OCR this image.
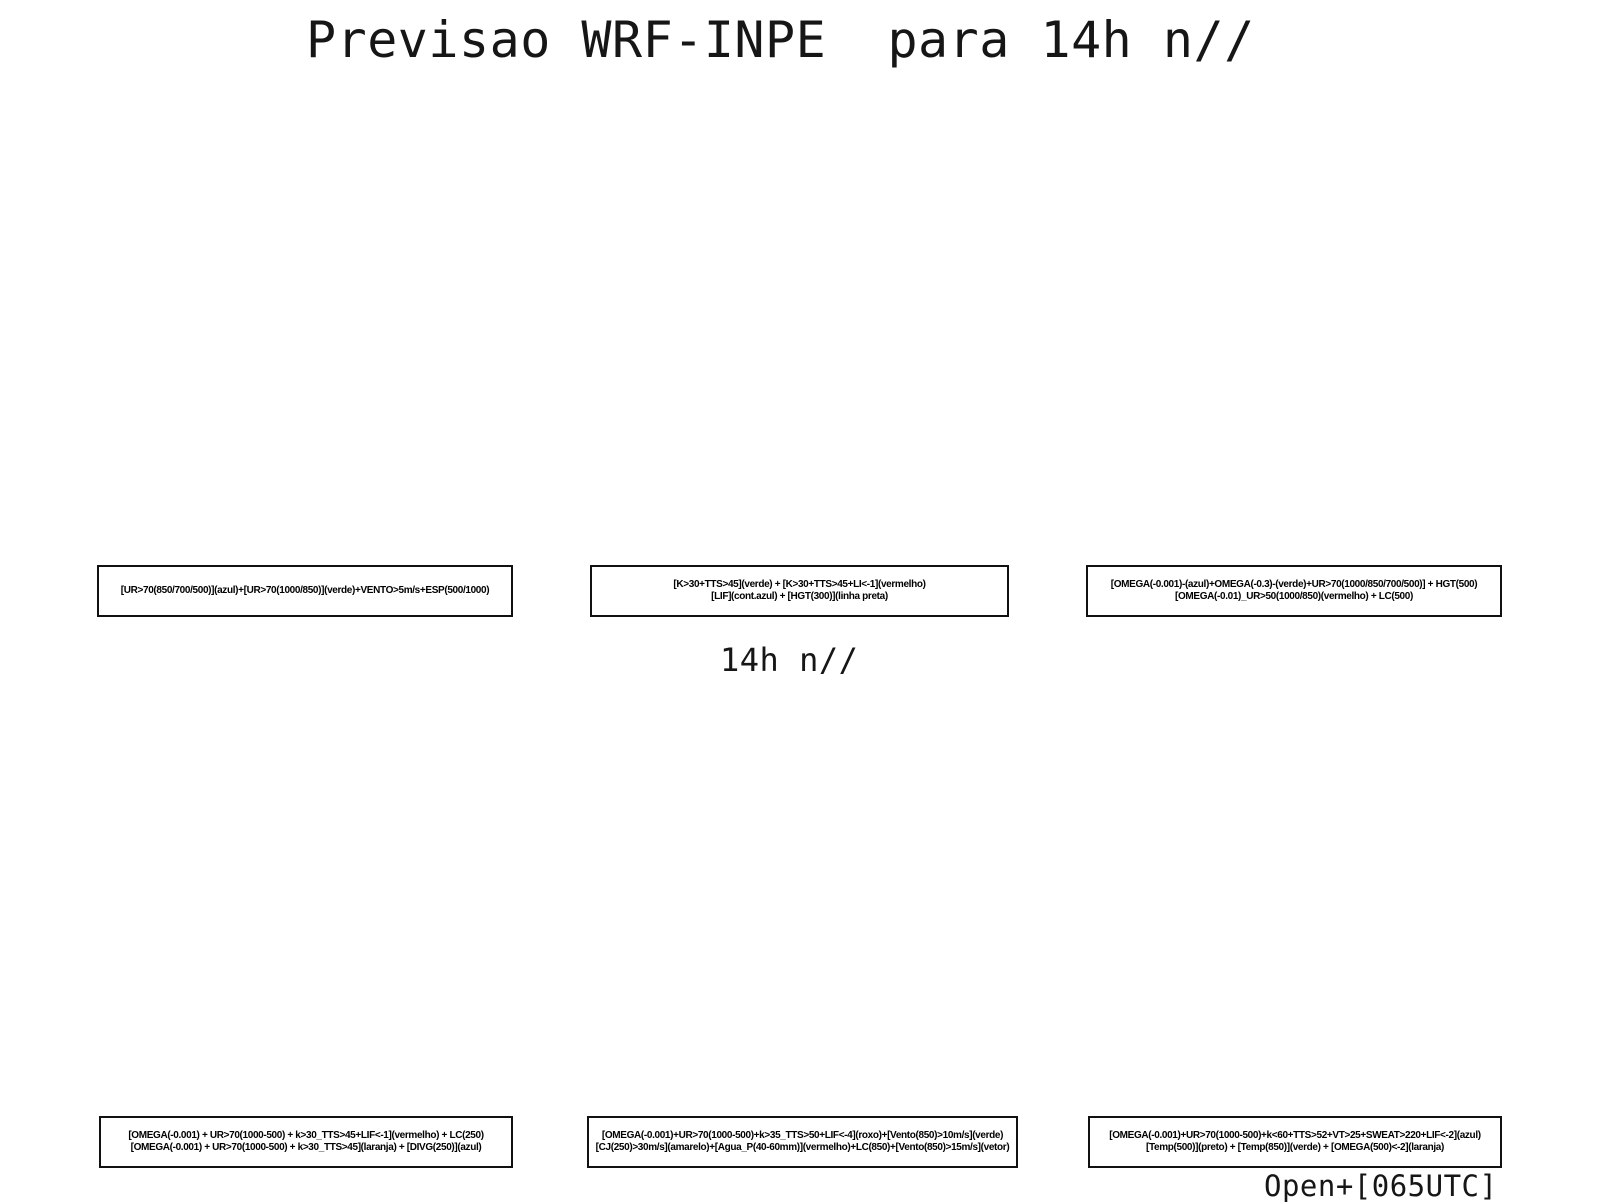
Previsao WRF-INPE  para 14h n//
[UR>70(850/700/500)](azul)+[UR>70(1000/850)](verde)+VENTO>5m/s+ESP(500/1000)
[K>30+TTS>45](verde) + [K>30+TTS>45+LI<-1](vermelho)
[LIF](cont.azul) + [HGT(300)](linha preta)
[OMEGA(-0.001)-(azul)+OMEGA(-0.3)-(verde)+UR>70(1000/850/700/500)] + HGT(500)
[OMEGA(-0.01)_UR>50(1000/850)(vermelho) + LC(500)
14h n//
[OMEGA(-0.001) + UR>70(1000-500) + k>30_TTS>45+LIF<-1](vermelho) + LC(250)
[OMEGA(-0.001) + UR>70(1000-500) + k>30_TTS>45](laranja) + [DIVG(250)](azul)
[OMEGA(-0.001)+UR>70(1000-500)+k>35_TTS>50+LIF<-4](roxo)+[Vento(850)>10m/s](verde)
[CJ(250)>30m/s](amarelo)+[Agua_P(40-60mm)](vermelho)+LC(850)+[Vento(850)>15m/s](vetor)
[OMEGA(-0.001)+UR>70(1000-500)+k<60+TTS>52+VT>25+SWEAT>220+LIF<-2](azul)
[Temp(500)](preto) + [Temp(850)](verde) + [OMEGA(500)<-2](laranja)
Open+[065UTC]
